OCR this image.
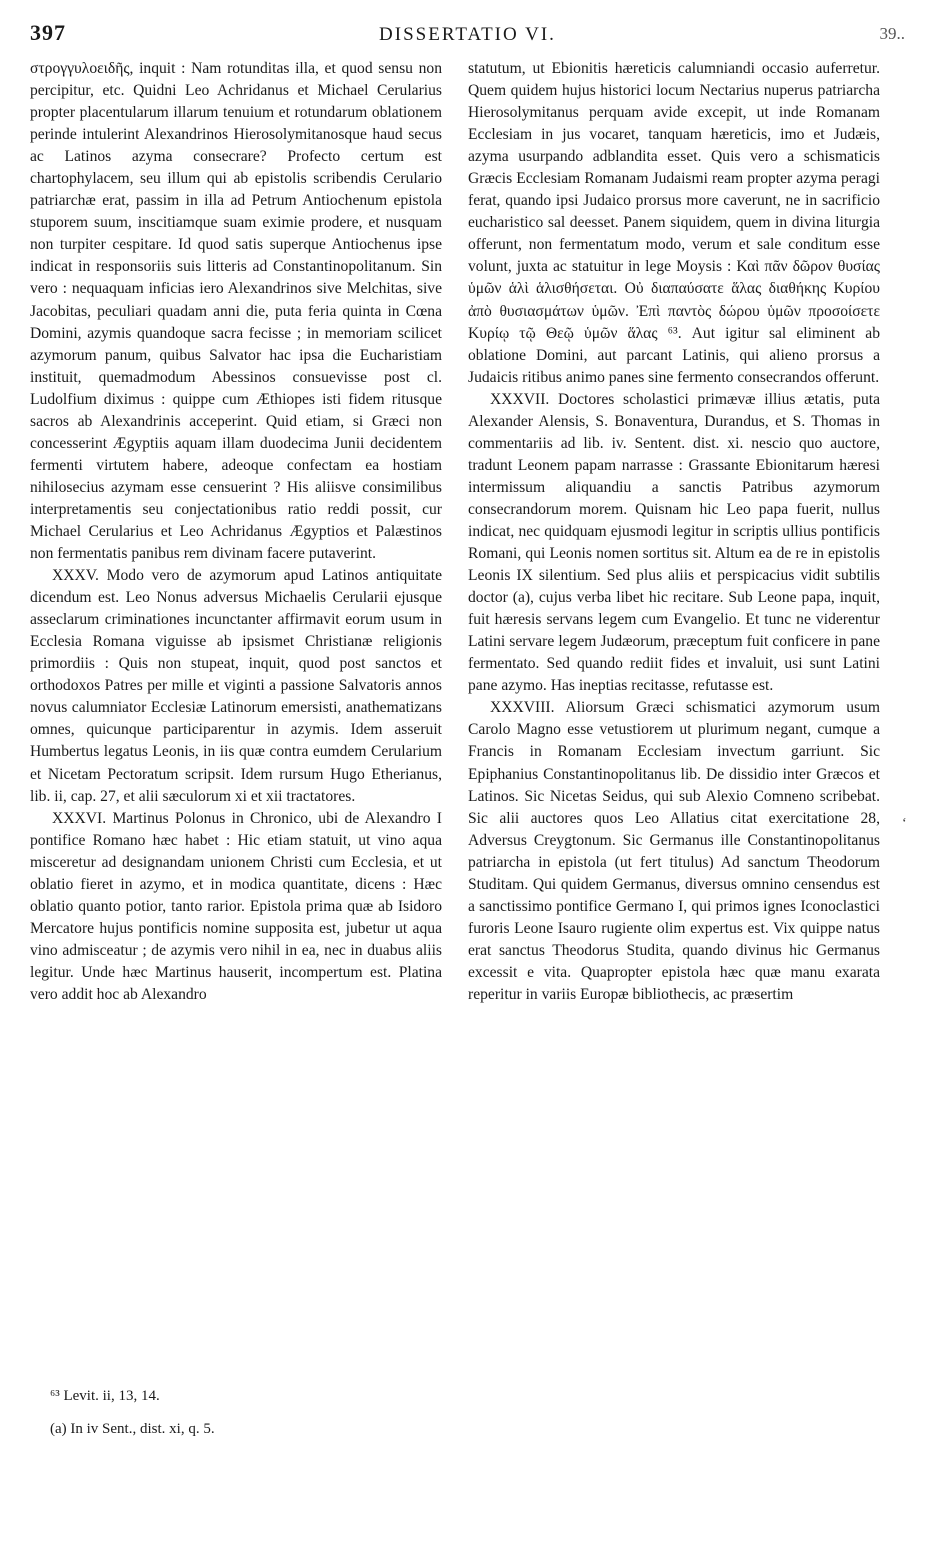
397	DISSERTATIO VI.	39..

στρογγυλοειδῆς, inquit : Nam rotunditas illa, et quod sensu non percipitur, etc. Quidni Leo Achridanus et Michael Cerularius propter placentularum illarum tenuium et rotundarum oblationem perinde intulerint Alexandrinos Hierosolymitanosque haud secus ac Latinos azyma consecrare? Profecto certum est chartophylacem, seu illum qui ab epistolis scribendis Cerulario patriarchæ erat, passim in illa ad Petrum Antiochenum epistola stuporem suum, inscitiamque suam eximie prodere, et nusquam non turpiter cespitare. Id quod satis superque Antiochenus ipse indicat in responsoriis suis litteris ad Constantinopolitanum. Sin vero : nequaquam inficias iero Alexandrinos sive Melchitas, sive Jacobitas, peculiari quadam anni die, puta feria quinta in Cœna Domini, azymis quandoque sacra fecisse ; in memoriam scilicet azymorum panum, quibus Salvator hac ipsa die Eucharistiam instituit, quemadmodum Abessinos consuevisse post cl. Ludolfium diximus : quippe cum Æthiopes isti fidem ritusque sacros ab Alexandrinis acceperint. Quid etiam, si Græci non concesserint Ægyptiis aquam illam duodecima Junii decidentem fermenti virtutem habere, adeoque confectam ea hostiam nihilosecius azymam esse censuerint ? His aliisve consimilibus interpretamentis seu conjectationibus ratio reddi possit, cur Michael Cerularius et Leo Achridanus Ægyptios et Palæstinos non fermentatis panibus rem divinam facere putaverint.

XXXV. Modo vero de azymorum apud Latinos antiquitate dicendum est. Leo Nonus adversus Michaelis Cerularii ejusque asseclarum criminationes incunctanter affirmavit eorum usum in Ecclesia Romana viguisse ab ipsismet Christianæ religionis primordiis : Quis non stupeat, inquit, quod post sanctos et orthodoxos Patres per mille et viginti a passione Salvatoris annos novus calumniator Ecclesiæ Latinorum emersisti, anathematizans omnes, quicunque participarentur in azymis. Idem asseruit Humbertus legatus Leonis, in iis quæ contra eumdem Cerularium et Nicetam Pectoratum scripsit. Idem rursum Hugo Etherianus, lib. ii, cap. 27, et alii sæculorum xi et xii tractatores.

XXXVI. Martinus Polonus in Chronico, ubi de Alexandro I pontifice Romano hæc habet : Hic etiam statuit, ut vino aqua misceretur ad designandam unionem Christi cum Ecclesia, et ut oblatio fieret in azymo, et in modica quantitate, dicens : Hæc oblatio quanto potior, tanto rarior. Epistola prima quæ ab Isidoro Mercatore hujus pontificis nomine supposita est, jubetur ut aqua vino admisceatur ; de azymis vero nihil in ea, nec in duabus aliis legitur. Unde hæc Martinus hauserit, incompertum est. Platina vero addit hoc ab Alexandro

statutum, ut Ebionitis hæreticis calumniandi occasio auferretur. Quem quidem hujus historici locum Nectarius nuperus patriarcha Hierosolymitanus perquam avide excepit, ut inde Romanam Ecclesiam in jus vocaret, tanquam hæreticis, imo et Judæis, azyma usurpando adblandita esset. Quis vero a schismaticis Græcis Ecclesiam Romanam Judaismi ream propter azyma peragi ferat, quando ipsi Judaico prorsus more caverunt, ne in sacrificio eucharistico sal deesset. Panem siquidem, quem in divina liturgia offerunt, non fermentatum modo, verum et sale conditum esse volunt, juxta ac statuitur in lege Moysis : Καὶ πᾶν δῶρον θυσίας ὑμῶν ἁλὶ ἁλισθήσεται. Οὐ διαπαύσατε ἅλας διαθήκης Κυρίου ἀπὸ θυσιασμάτων ὑμῶν. Ἐπὶ παντὸς δώρου ὑμῶν προσοίσετε Κυρίῳ τῷ Θεῷ ὑμῶν ἅλας ⁶³. Aut igitur sal eliminent ab oblatione Domini, aut parcant Latinis, qui alieno prorsus a Judaicis ritibus animo panes sine fermento consecrandos offerunt.

XXXVII. Doctores scholastici primævæ illius ætatis, puta Alexander Alensis, S. Bonaventura, Durandus, et S. Thomas in commentariis ad lib. iv. Sentent. dist. xi. nescio quo auctore, tradunt Leonem papam narrasse : Grassante Ebionitarum hæresi intermissum aliquandiu a sanctis Patribus azymorum consecrandorum morem. Quisnam hic Leo papa fuerit, nullus indicat, nec quidquam ejusmodi legitur in scriptis ullius pontificis Romani, qui Leonis nomen sortitus sit. Altum ea de re in epistolis Leonis IX silentium. Sed plus aliis et perspicacius vidit subtilis doctor (a), cujus verba libet hic recitare. Sub Leone papa, inquit, fuit hæresis servans legem cum Evangelio. Et tunc ne viderentur Latini servare legem Judæorum, præceptum fuit conficere in pane fermentato. Sed quando rediit fides et invaluit, usi sunt Latini pane azymo. Has ineptias recitasse, refutasse est.

XXXVIII. Aliorsum Græci schismatici azymorum usum Carolo Magno esse vetustiorem ut plurimum negant, cumque a Francis in Romanam Ecclesiam invectum garriunt. Sic Epiphanius Constantinopolitanus lib. De dissidio inter Græcos et Latinos. Sic Nicetas Seidus, qui sub Alexio Comneno scribebat. Sic alii auctores quos Leo Allatius citat exercitatione 28, Adversus Creygtonum. Sic Germanus ille Constantinopolitanus patriarcha in epistola (ut fert titulus) Ad sanctum Theodorum Studitam. Qui quidem Germanus, diversus omnino censendus est a sanctissimo pontifice Germano I, qui primos ignes Iconoclastici furoris Leone Isauro rugiente olim expertus est. Vix quippe natus erat sanctus Theodorus Studita, quando divinus hic Germanus excessit e vita. Quapropter epistola hæc quæ manu exarata reperitur in variis Europæ bibliothecis, ac præsertim

ʻ
⁶³ Levit. ii, 13, 14.
(a) In iv Sent., dist. xi, q. 5.
